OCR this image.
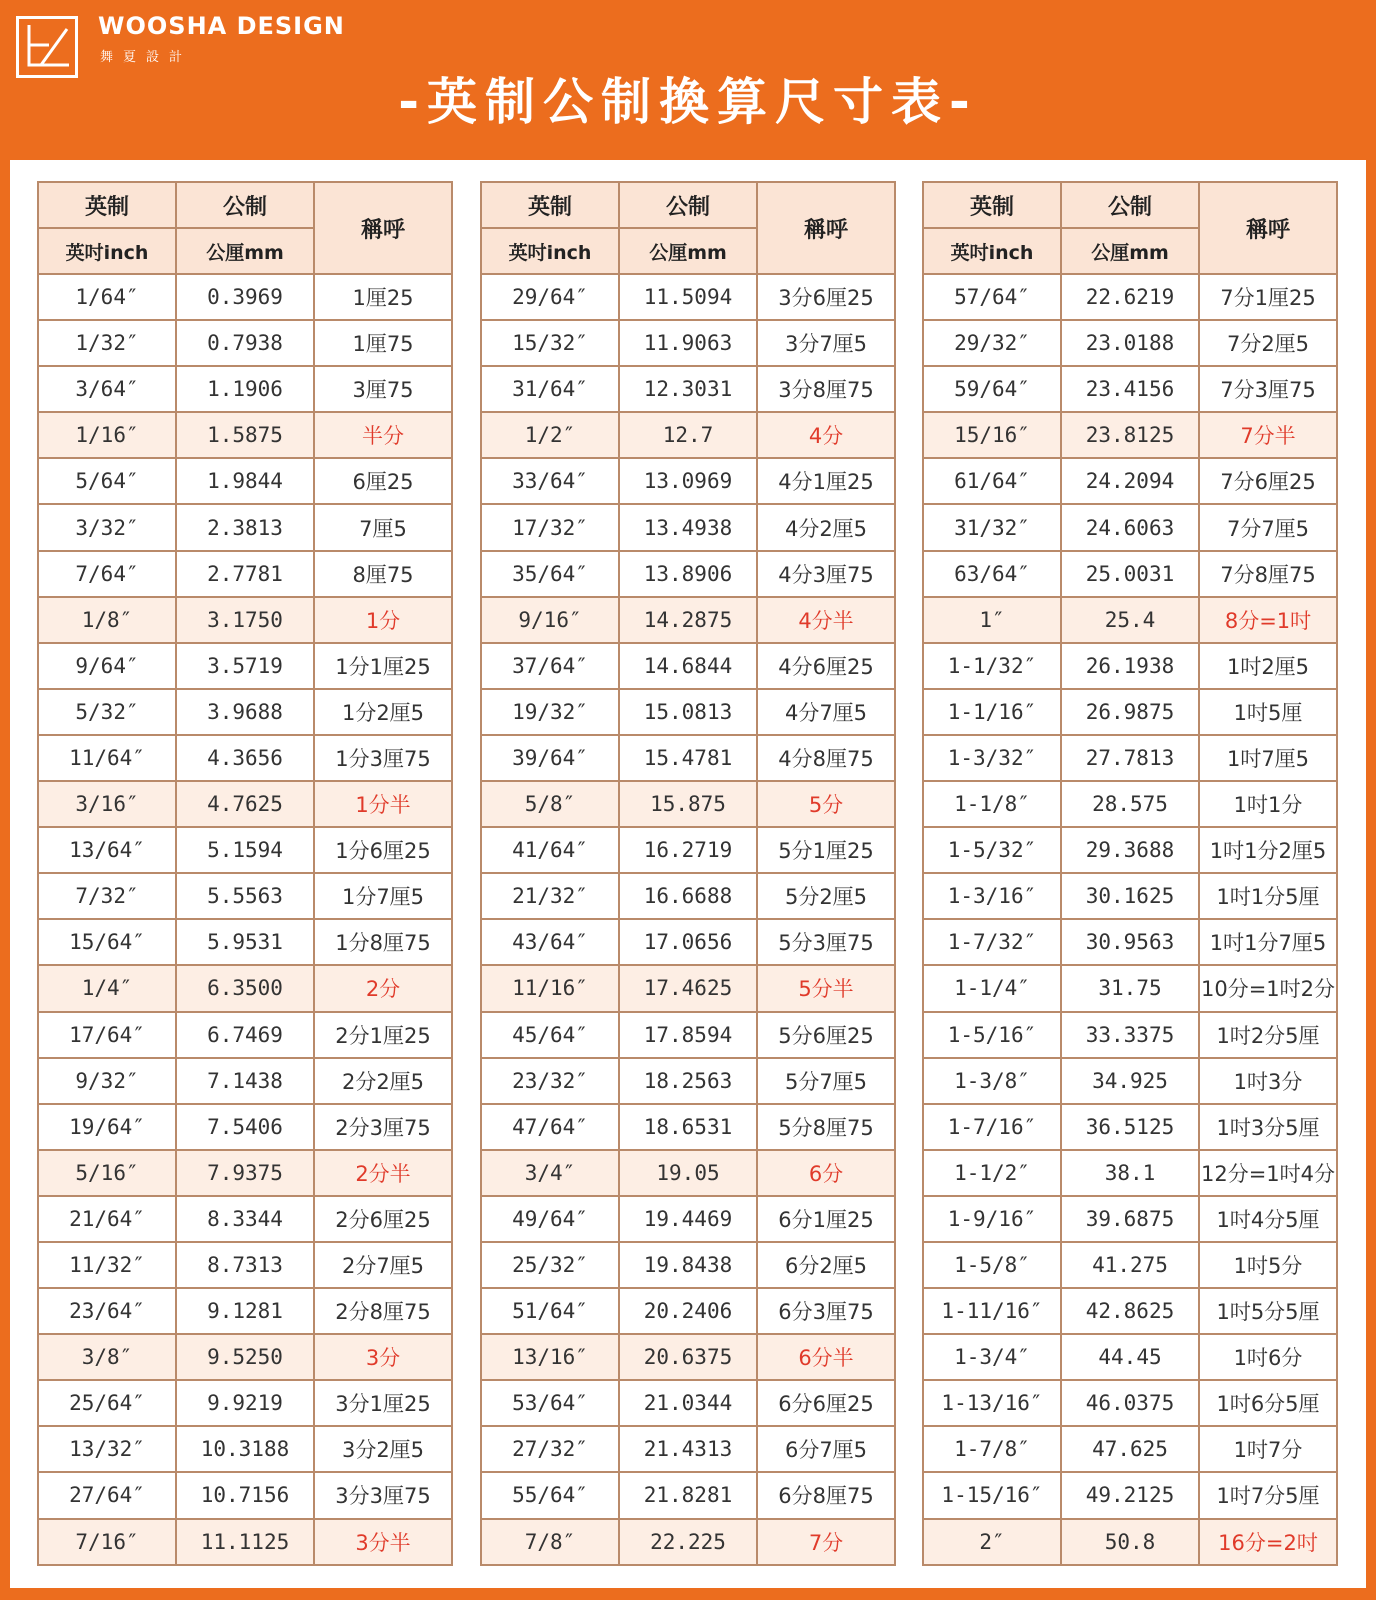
WOOSHA DESIGN
舞夏設計
-英制公制換算尺寸表-
英制	公制	稱呼
英吋inch	公厘mm	
1/64″	0.3969	1厘25
1/32″	0.7938	1厘75
3/64″	1.1906	3厘75
1/16″	1.5875	半分
5/64″	1.9844	6厘25
3/32″	2.3813	7厘5
7/64″	2.7781	8厘75
1/8″	3.1750	1分
9/64″	3.5719	1分1厘25
5/32″	3.9688	1分2厘5
11/64″	4.3656	1分3厘75
3/16″	4.7625	1分半
13/64″	5.1594	1分6厘25
7/32″	5.5563	1分7厘5
15/64″	5.9531	1分8厘75
1/4″	6.3500	2分
17/64″	6.7469	2分1厘25
9/32″	7.1438	2分2厘5
19/64″	7.5406	2分3厘75
5/16″	7.9375	2分半
21/64″	8.3344	2分6厘25
11/32″	8.7313	2分7厘5
23/64″	9.1281	2分8厘75
3/8″	9.5250	3分
25/64″	9.9219	3分1厘25
13/32″	10.3188	3分2厘5
27/64″	10.7156	3分3厘75
7/16″	11.1125	3分半
英制	公制	稱呼
英吋inch	公厘mm	
29/64″	11.5094	3分6厘25
15/32″	11.9063	3分7厘5
31/64″	12.3031	3分8厘75
1/2″	12.7	4分
33/64″	13.0969	4分1厘25
17/32″	13.4938	4分2厘5
35/64″	13.8906	4分3厘75
9/16″	14.2875	4分半
37/64″	14.6844	4分6厘25
19/32″	15.0813	4分7厘5
39/64″	15.4781	4分8厘75
5/8″	15.875	5分
41/64″	16.2719	5分1厘25
21/32″	16.6688	5分2厘5
43/64″	17.0656	5分3厘75
11/16″	17.4625	5分半
45/64″	17.8594	5分6厘25
23/32″	18.2563	5分7厘5
47/64″	18.6531	5分8厘75
3/4″	19.05	6分
49/64″	19.4469	6分1厘25
25/32″	19.8438	6分2厘5
51/64″	20.2406	6分3厘75
13/16″	20.6375	6分半
53/64″	21.0344	6分6厘25
27/32″	21.4313	6分7厘5
55/64″	21.8281	6分8厘75
7/8″	22.225	7分
英制	公制	稱呼
英吋inch	公厘mm	
57/64″	22.6219	7分1厘25
29/32″	23.0188	7分2厘5
59/64″	23.4156	7分3厘75
15/16″	23.8125	7分半
61/64″	24.2094	7分6厘25
31/32″	24.6063	7分7厘5
63/64″	25.0031	7分8厘75
1″	25.4	8分=1吋
1-1/32″	26.1938	1吋2厘5
1-1/16″	26.9875	1吋5厘
1-3/32″	27.7813	1吋7厘5
1-1/8″	28.575	1吋1分
1-5/32″	29.3688	1吋1分2厘5
1-3/16″	30.1625	1吋1分5厘
1-7/32″	30.9563	1吋1分7厘5
1-1/4″	31.75	10分=1吋2分
1-5/16″	33.3375	1吋2分5厘
1-3/8″	34.925	1吋3分
1-7/16″	36.5125	1吋3分5厘
1-1/2″	38.1	12分=1吋4分
1-9/16″	39.6875	1吋4分5厘
1-5/8″	41.275	1吋5分
1-11/16″	42.8625	1吋5分5厘
1-3/4″	44.45	1吋6分
1-13/16″	46.0375	1吋6分5厘
1-7/8″	47.625	1吋7分
1-15/16″	49.2125	1吋7分5厘
2″	50.8	16分=2吋
